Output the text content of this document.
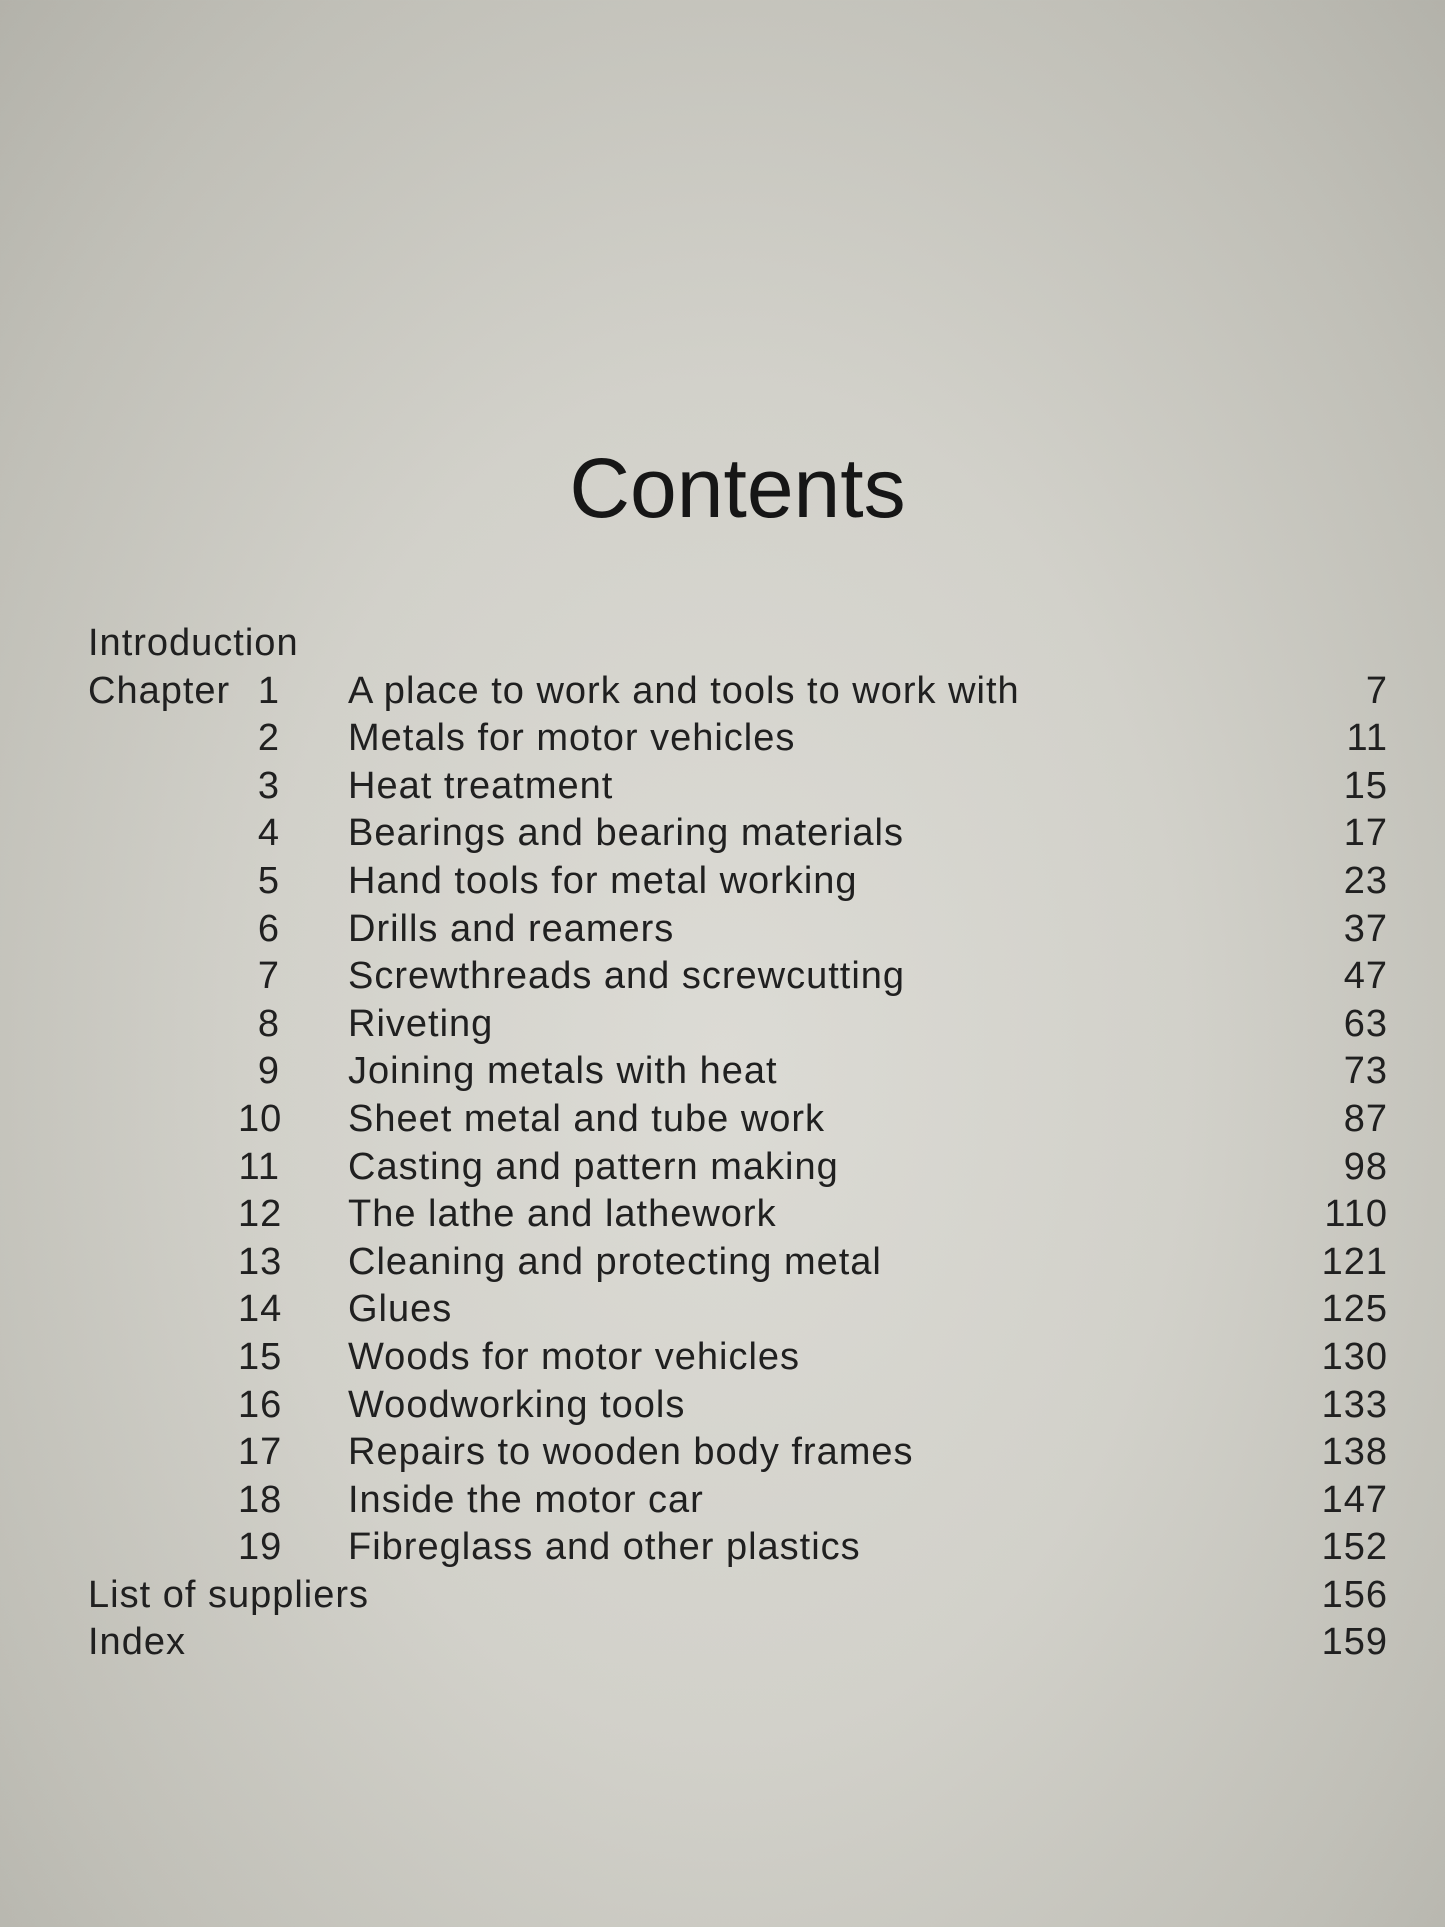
Contents
Introduction
Chapter 1	A place to work and tools to work with	7
2	Metals for motor vehicles	11
3	Heat treatment	15
4	Bearings and bearing materials	17
5	Hand tools for metal working	23
6	Drills and reamers	37
7	Screwthreads and screwcutting	47
8	Riveting	63
9	Joining metals with heat	73
10	Sheet metal and tube work	87
11	Casting and pattern making	98
12	The lathe and lathework	110
13	Cleaning and protecting metal	121
14	Glues	125
15	Woods for motor vehicles	130
16	Woodworking tools	133
17	Repairs to wooden body frames	138
18	Inside the motor car	147
19	Fibreglass and other plastics	152
List of suppliers	156
Index	159
